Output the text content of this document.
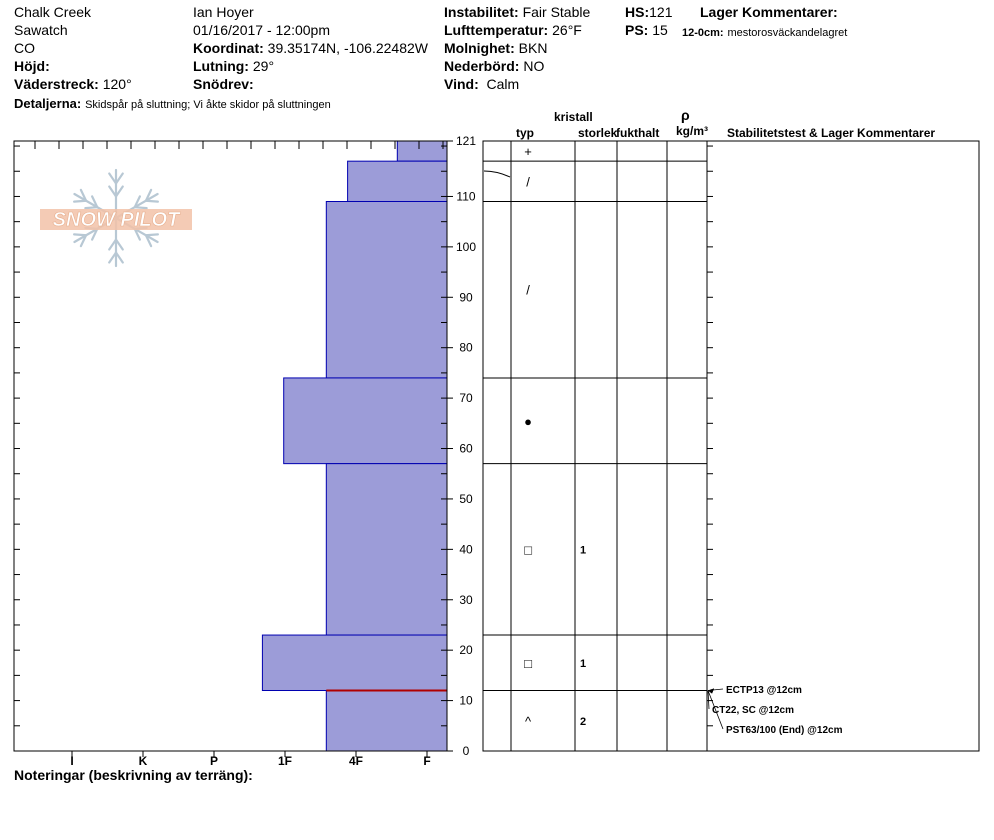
Chalk Creek
Sawatch
CO
Höjd:
Väderstreck: 120°
Detaljerna: Skidspår på sluttning; Vi åkte skidor på sluttningen
Ian Hoyer
01/16/2017 - 12:00pm
Koordinat: 39.35174N, -106.22482W
Lutning: 29°
Snödrev:
Instabilitet: Fair Stable
Lufttemperatur: 26°F
Molnighet: BKN
Nederbörd: NO
Vind: Calm
HS:121
PS: 15
Lager Kommentarer:
12-0cm: mestorosväckandelagret
kristall
typ	storlek
fukthalt
ρ
kg/m³ Stabilitetstest & Lager Kommentarer
SNOW PILOT
0
10
20
30
40
50
60
70
80
90
100
110
121
I	K	P	1F	4F	F
+
/
/
●
□	1
□	1
^	2
ECTP13 @12cm
CT22, SC @12cm
PST63/100 (End) @12cm
Noteringar (beskrivning av terräng):
